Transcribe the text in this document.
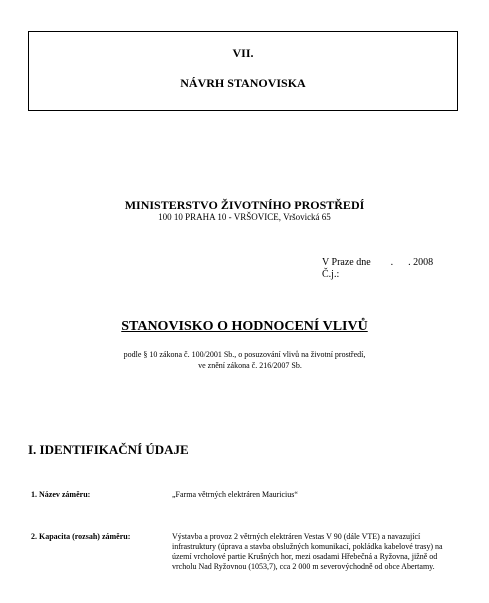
VII.
NÁVRH STANOVISKA
MINISTERSTVO ŽIVOTNÍHO PROSTŘEDÍ
100 10 PRAHA 10 - VRŠOVICE, Vršovická 65
V Praze dne        .      . 2008
Č.j.:
STANOVISKO O HODNOCENÍ VLIVŮ
podle § 10 zákona č. 100/2001 Sb., o posuzování vlivů na životní prostředí,
ve znění zákona č. 216/2007 Sb.
I. IDENTIFIKAČNÍ ÚDAJE
1. Název záměru:	„Farma větrných elektráren Mauricius“
2. Kapacita (rozsah) záměru:	Výstavba a provoz 2 větrných elektráren Vestas V 90 (dále VTE) a navazující infrastruktury (úprava a stavba obslužných komunikací, pokládka kabelové trasy) na území vrcholové partie Krušných hor, mezi osadami Hřebečná a Ryžovna, jižně od vrcholu Nad Ryžovnou (1053,7), cca 2 000 m severovýchodně od obce Abertamy.
